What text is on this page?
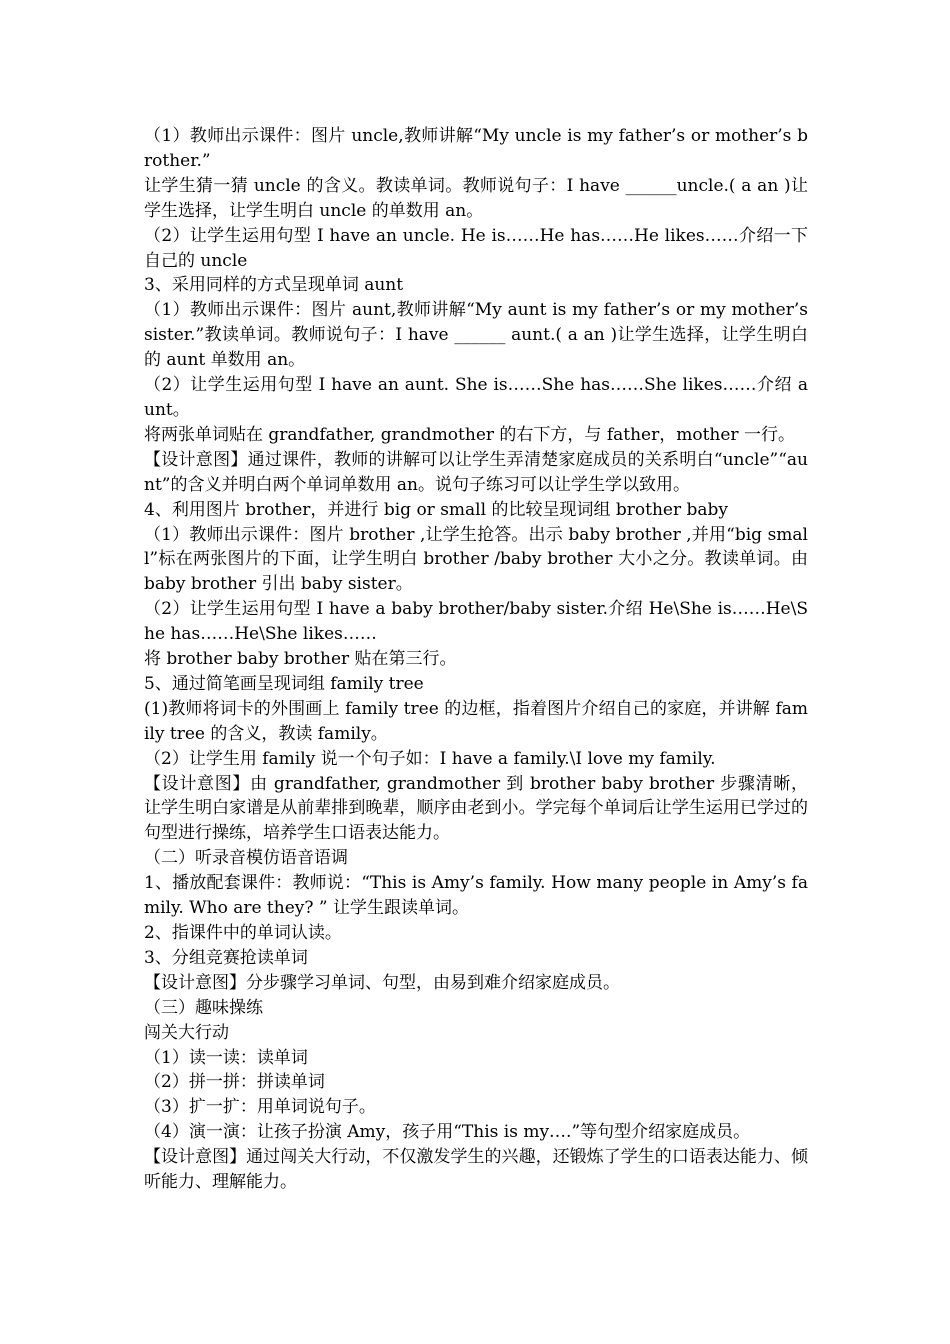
（1）教师出示课件：图片 uncle,教师讲解“My uncle is my father’s or mother’s brother.”

让学生猜一猜 uncle 的含义。教读单词。教师说句子：I have ______uncle.( a an )让学生选择，让学生明白 uncle 的单数用 an。

（2）让学生运用句型 I have an uncle. He is……He has……He likes……介绍一下自己的 uncle

3、采用同样的方式呈现单词 aunt

（1）教师出示课件：图片 aunt,教师讲解“My aunt is my father’s or my mother’s sister.”教读单词。教师说句子：I have ______ aunt.( a an )让学生选择，让学生明白的 aunt 单数用 an。

（2）让学生运用句型 I have an aunt. She is……She has……She likes……介绍 aunt。

将两张单词贴在 grandfather, grandmother 的右下方，与 father，mother 一行。

【设计意图】通过课件，教师的讲解可以让学生弄清楚家庭成员的关系明白“uncle”“aunt”的含义并明白两个单词单数用 an。说句子练习可以让学生学以致用。

4、利用图片 brother，并进行 big or small 的比较呈现词组 brother baby

（1）教师出示课件：图片 brother ,让学生抢答。出示 baby brother ,并用“big small”标在两张图片的下面，让学生明白 brother /baby brother 大小之分。教读单词。由 baby brother 引出 baby sister。

（2）让学生运用句型 I have a baby brother/baby sister.介绍 He\She is……He\She has……He\She likes……

将 brother baby brother 贴在第三行。

5、通过简笔画呈现词组 family tree

(1)教师将词卡的外围画上 family tree 的边框，指着图片介绍自己的家庭，并讲解 family tree 的含义，教读 family。

（2）让学生用 family 说一个句子如：I have a family.\I love my family.

【设计意图】由 grandfather, grandmother 到 brother baby brother 步骤清晰，让学生明白家谱是从前辈排到晚辈，顺序由老到小。学完每个单词后让学生运用已学过的句型进行操练，培养学生口语表达能力。

（二）听录音模仿语音语调

1、播放配套课件：教师说：“This is Amy’s family. How many people in Amy’s family. Who are they? ” 让学生跟读单词。

2、指课件中的单词认读。

3、分组竞赛抢读单词

【设计意图】分步骤学习单词、句型，由易到难介绍家庭成员。

（三）趣味操练

闯关大行动

（1）读一读：读单词

（2）拼一拼：拼读单词

（3）扩一扩：用单词说句子。

（4）演一演：让孩子扮演 Amy，孩子用“This is my….”等句型介绍家庭成员。

【设计意图】通过闯关大行动，不仅激发学生的兴趣，还锻炼了学生的口语表达能力、倾听能力、理解能力。
